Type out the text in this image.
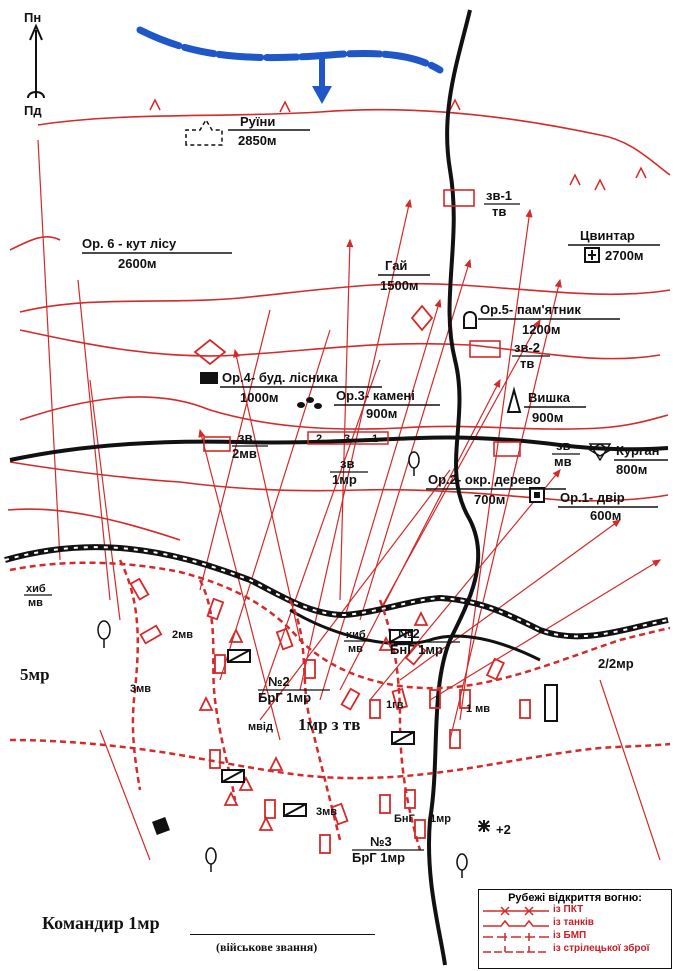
Пн
Пд
2 3 1
Руїни
2850м
Цвинтар
2700м
Ор. 6 - кут лісу
2600м	Гай
1500м
Ор.5- пам'ятник
1200м
Ор.4- буд. лісника
1000м	Ор.3- камені
900м
Вишка
900м
Курган
800м
Ор.2- окр. дерево
700м	Ор.1- двір
600м
зв-1
тв
зв-2
тв
зв
2мв
зв
1мр
зв
мв
хиб
мв
хиб
мв
5мр
3мв
2мв
2/2мр
1мр з тв
1гв	1 мв
3мв
мвід
+2
БнГ 1мр
№2
БнГ 1мр
№2
БрГ 1мр
№3
БрГ 1мр
Командир 1мр
(військове звання)
Рубежі відкриття вогню:
із ПКТ
із танків
із БМП
із стрілецької зброї
